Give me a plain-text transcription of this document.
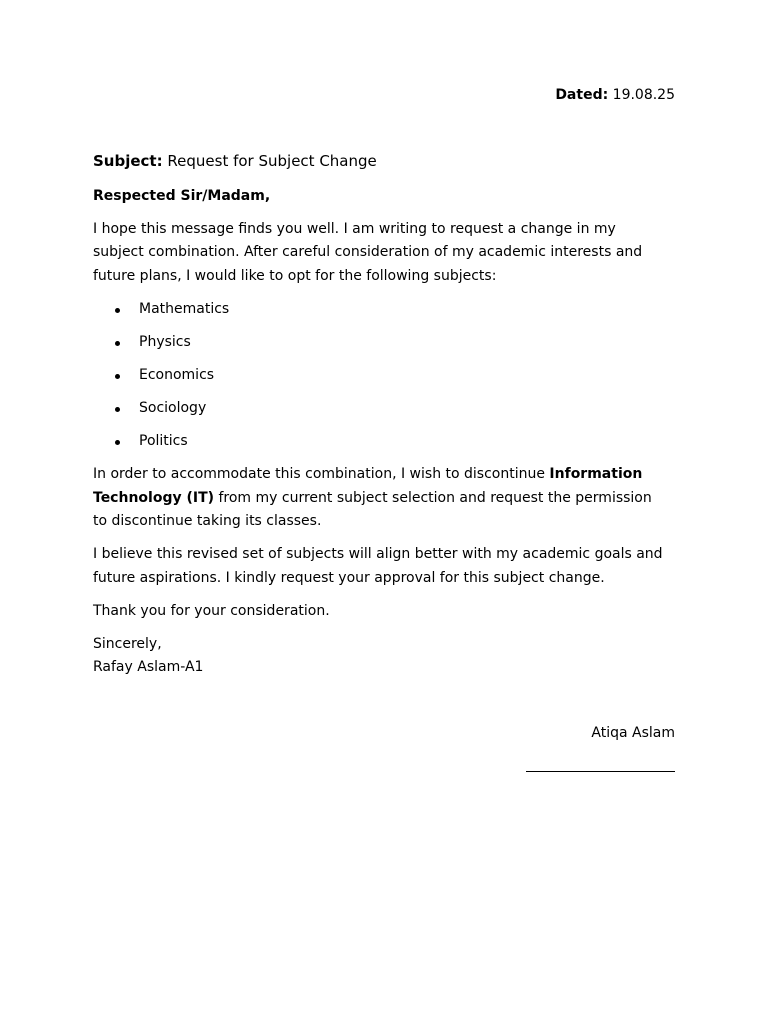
Dated: 19.08.25
Subject: Request for Subject Change
Respected Sir/Madam,
I hope this message finds you well. I am writing to request a change in my
subject combination. After careful consideration of my academic interests and
future plans, I would like to opt for the following subjects:
Mathematics
Physics
Economics
Sociology
Politics
In order to accommodate this combination, I wish to discontinue Information
Technology (IT) from my current subject selection and request the permission
to discontinue taking its classes.
I believe this revised set of subjects will align better with my academic goals and
future aspirations. I kindly request your approval for this subject change.
Thank you for your consideration.
Sincerely,
Rafay Aslam-A1
Atiqa Aslam
